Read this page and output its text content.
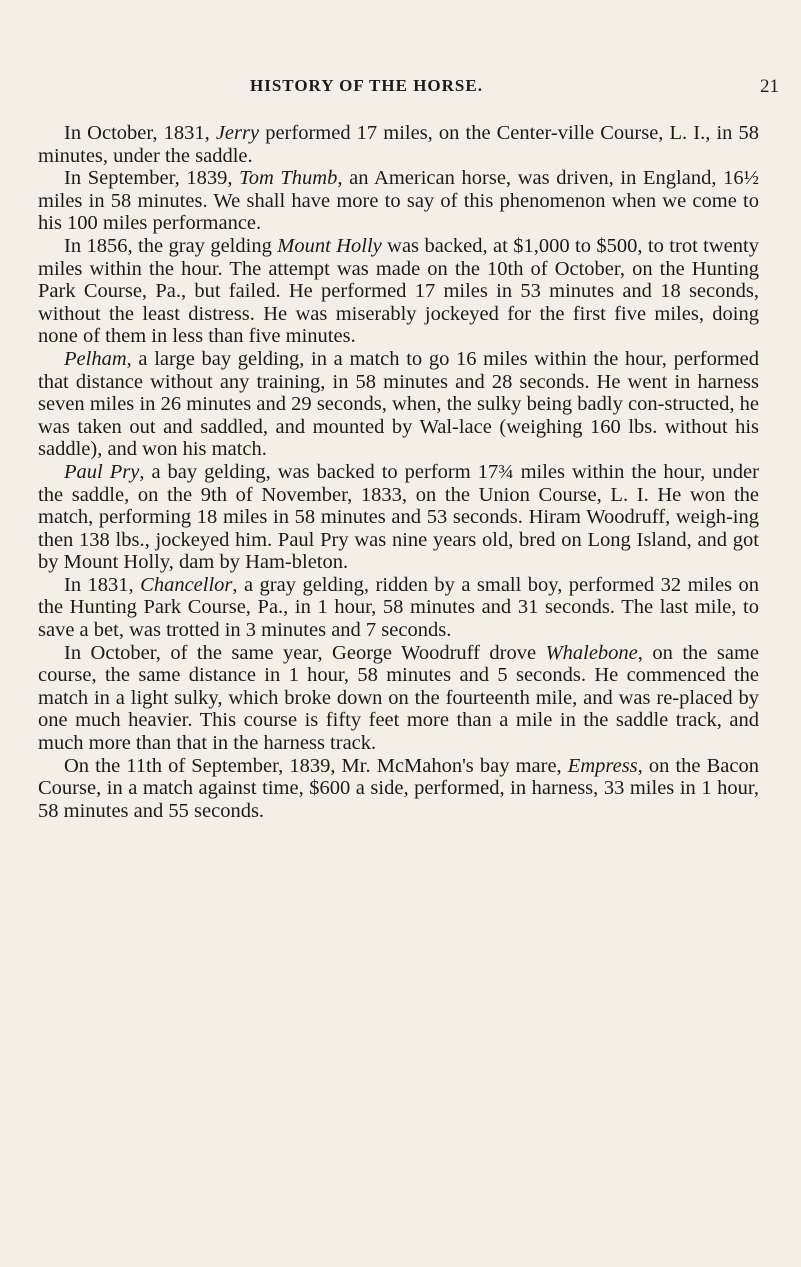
HISTORY OF THE HORSE.	21

In October, 1831, Jerry performed 17 miles, on the Center-ville Course, L. I., in 58 minutes, under the saddle.

In September, 1839, Tom Thumb, an American horse, was driven, in England, 16½ miles in 58 minutes. We shall have more to say of this phenomenon when we come to his 100 miles performance.

In 1856, the gray gelding Mount Holly was backed, at $1,000 to $500, to trot twenty miles within the hour. The attempt was made on the 10th of October, on the Hunting Park Course, Pa., but failed. He performed 17 miles in 53 minutes and 18 seconds, without the least distress. He was miserably jockeyed for the first five miles, doing none of them in less than five minutes.

Pelham, a large bay gelding, in a match to go 16 miles within the hour, performed that distance without any training, in 58 minutes and 28 seconds. He went in harness seven miles in 26 minutes and 29 seconds, when, the sulky being badly con-structed, he was taken out and saddled, and mounted by Wal-lace (weighing 160 lbs. without his saddle), and won his match.

Paul Pry, a bay gelding, was backed to perform 17¾ miles within the hour, under the saddle, on the 9th of November, 1833, on the Union Course, L. I. He won the match, performing 18 miles in 58 minutes and 53 seconds. Hiram Woodruff, weigh-ing then 138 lbs., jockeyed him. Paul Pry was nine years old, bred on Long Island, and got by Mount Holly, dam by Ham-bleton.

In 1831, Chancellor, a gray gelding, ridden by a small boy, performed 32 miles on the Hunting Park Course, Pa., in 1 hour, 58 minutes and 31 seconds. The last mile, to save a bet, was trotted in 3 minutes and 7 seconds.

In October, of the same year, George Woodruff drove Whalebone, on the same course, the same distance in 1 hour, 58 minutes and 5 seconds. He commenced the match in a light sulky, which broke down on the fourteenth mile, and was re-placed by one much heavier. This course is fifty feet more than a mile in the saddle track, and much more than that in the harness track.

On the 11th of September, 1839, Mr. McMahon's bay mare, Empress, on the Bacon Course, in a match against time, $600 a side, performed, in harness, 33 miles in 1 hour, 58 minutes and 55 seconds.
